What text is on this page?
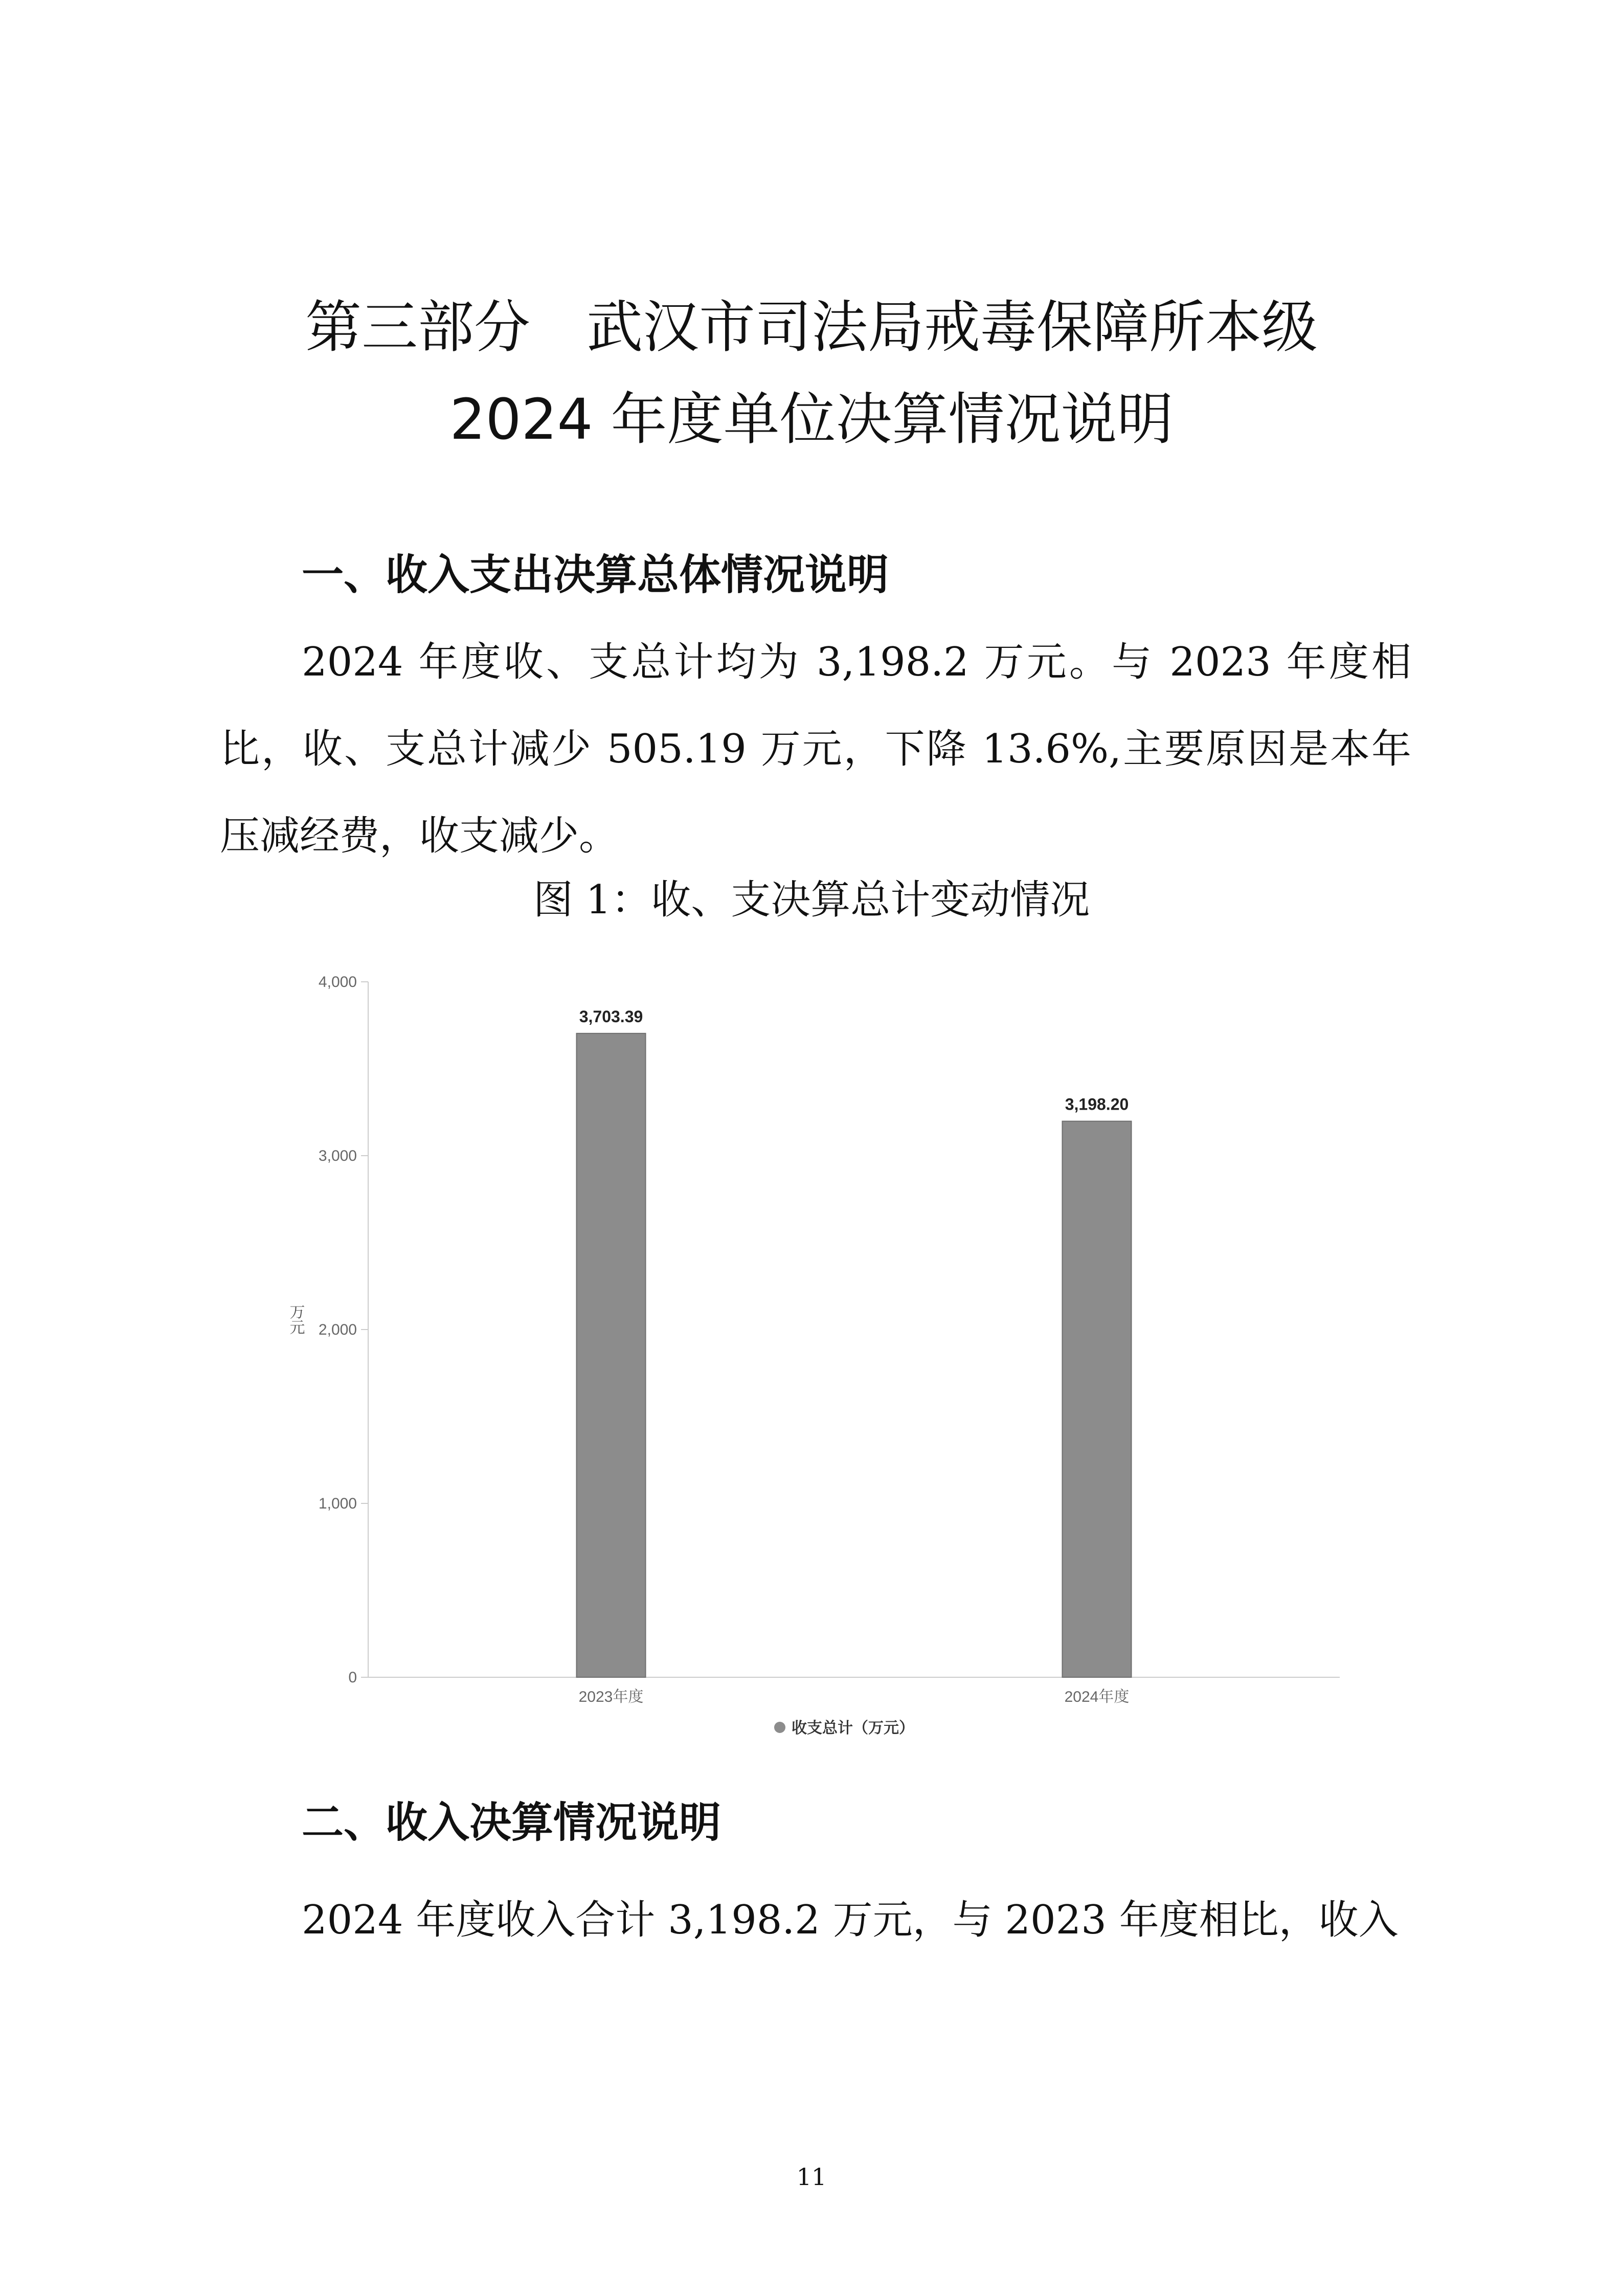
第三部分　武汉市司法局戒毒保障所本级
2024 年度单位决算情况说明
一、收入支出决算总体情况说明

2024 年度收、支总计均为 3,198.2 万元。与 2023 年度相比，收、支总计减少 505.19 万元，下降 13.6%,主要原因是本年压减经费，收支减少。

图 1：收、支决算总计变动情况

0
1,000
2,000
3,000
4,000
万元
3,703.39
3,198.20
2023年度	2024年度
收支总计（万元）
二、收入决算情况说明

2024 年度收入合计 3,198.2 万元，与 2023 年度相比，收入

11
